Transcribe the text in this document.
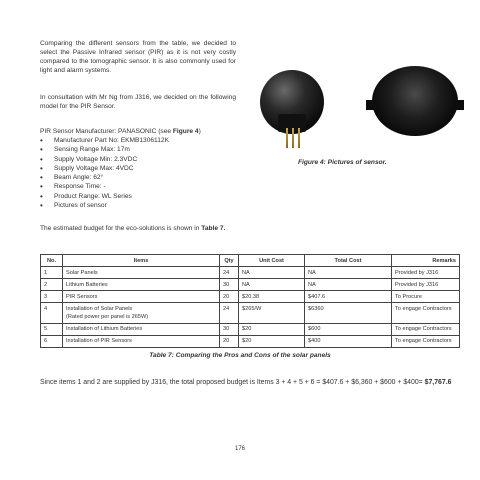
Comparing the different sensors from the table, we decided to select the Passive Infrared sensor (PIR) as it is not very costly compared to the tomographic sensor. It is also commonly used for light and alarm systems.

In consultation with Mr Ng from J316, we decided on the following model for the PIR Sensor.

PIR Sensor Manufacturer: PANASONIC (see Figure 4)

• Manufacturer Part No: EKMB1306112K
• Sensing Range Max: 17m
• Supply Voltage Min: 2.3VDC
• Supply Voltage Max: 4VDC
• Beam Angle: 62°
• Response Time: -
• Product Range: WL Series
• Pictures of sensor

Figure 4: Pictures of sensor.

The estimated budget for the eco-solutions is shown in Table 7.

No.	Items	Qty	Unit Cost	Total Cost	Remarks
1	Solar Panels	24	NA	NA	Provided by J316
2	Lithium Batteries	30	NA	NA	Provided by J316
3	PIR Sensors	20	$20.38	$407.6	To Procure
4	Installation of Solar Panels
(Rated power per panel is 265W)	24	$265/W	$6360	To engage Contractors
5	Installation of Lithium Batteries	30	$20	$600	To engage Contractors
6	Installation of PIR Sensors	20	$20	$400	To engage Contractors

Table 7: Comparing the Pros and Cons of the solar panels

Since items 1 and 2 are supplied by J316, the total proposed budget is Items 3 + 4 + 5 + 6 = $407.6 + $6,360 + $600 + $400= $7,767.6

176
